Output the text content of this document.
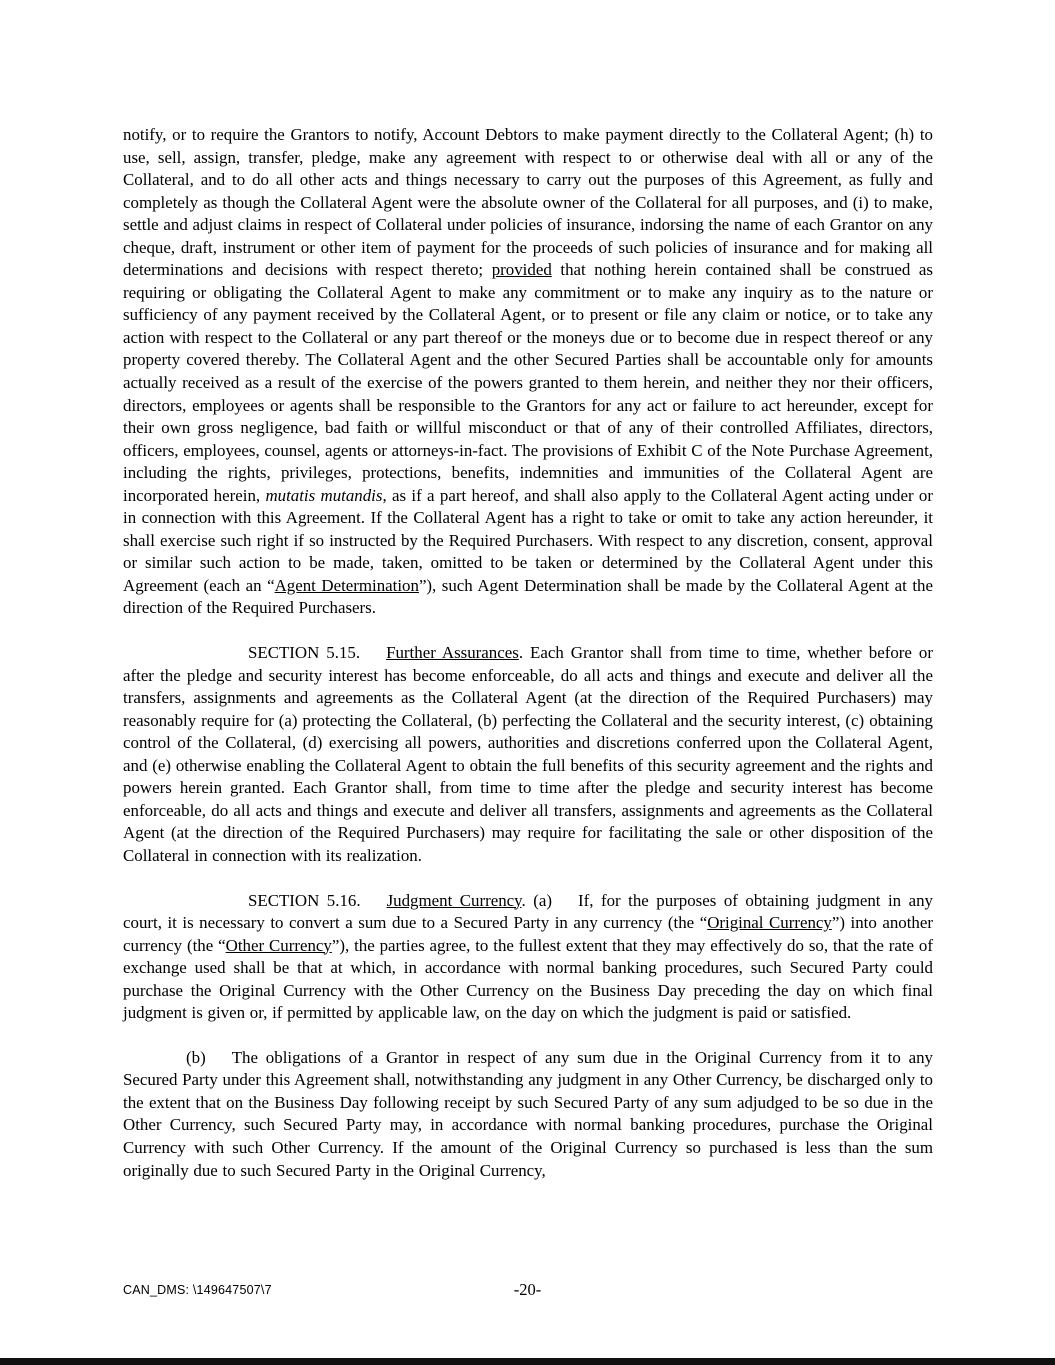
notify, or to require the Grantors to notify, Account Debtors to make payment directly to the Collateral Agent; (h) to use, sell, assign, transfer, pledge, make any agreement with respect to or otherwise deal with all or any of the Collateral, and to do all other acts and things necessary to carry out the purposes of this Agreement, as fully and completely as though the Collateral Agent were the absolute owner of the Collateral for all purposes, and (i) to make, settle and adjust claims in respect of Collateral under policies of insurance, indorsing the name of each Grantor on any cheque, draft, instrument or other item of payment for the proceeds of such policies of insurance and for making all determinations and decisions with respect thereto; provided that nothing herein contained shall be construed as requiring or obligating the Collateral Agent to make any commitment or to make any inquiry as to the nature or sufficiency of any payment received by the Collateral Agent, or to present or file any claim or notice, or to take any action with respect to the Collateral or any part thereof or the moneys due or to become due in respect thereof or any property covered thereby. The Collateral Agent and the other Secured Parties shall be accountable only for amounts actually received as a result of the exercise of the powers granted to them herein, and neither they nor their officers, directors, employees or agents shall be responsible to the Grantors for any act or failure to act hereunder, except for their own gross negligence, bad faith or willful misconduct or that of any of their controlled Affiliates, directors, officers, employees, counsel, agents or attorneys-in-fact. The provisions of Exhibit C of the Note Purchase Agreement, including the rights, privileges, protections, benefits, indemnities and immunities of the Collateral Agent are incorporated herein, mutatis mutandis, as if a part hereof, and shall also apply to the Collateral Agent acting under or in connection with this Agreement. If the Collateral Agent has a right to take or omit to take any action hereunder, it shall exercise such right if so instructed by the Required Purchasers. With respect to any discretion, consent, approval or similar such action to be made, taken, omitted to be taken or determined by the Collateral Agent under this Agreement (each an “Agent Determination”), such Agent Determination shall be made by the Collateral Agent at the direction of the Required Purchasers.

SECTION 5.15. Further Assurances. Each Grantor shall from time to time, whether before or after the pledge and security interest has become enforceable, do all acts and things and execute and deliver all the transfers, assignments and agreements as the Collateral Agent (at the direction of the Required Purchasers) may reasonably require for (a) protecting the Collateral, (b) perfecting the Collateral and the security interest, (c) obtaining control of the Collateral, (d) exercising all powers, authorities and discretions conferred upon the Collateral Agent, and (e) otherwise enabling the Collateral Agent to obtain the full benefits of this security agreement and the rights and powers herein granted. Each Grantor shall, from time to time after the pledge and security interest has become enforceable, do all acts and things and execute and deliver all transfers, assignments and agreements as the Collateral Agent (at the direction of the Required Purchasers) may require for facilitating the sale or other disposition of the Collateral in connection with its realization.

SECTION 5.16. Judgment Currency. (a) If, for the purposes of obtaining judgment in any court, it is necessary to convert a sum due to a Secured Party in any currency (the “Original Currency”) into another currency (the “Other Currency”), the parties agree, to the fullest extent that they may effectively do so, that the rate of exchange used shall be that at which, in accordance with normal banking procedures, such Secured Party could purchase the Original Currency with the Other Currency on the Business Day preceding the day on which final judgment is given or, if permitted by applicable law, on the day on which the judgment is paid or satisfied.

(b) The obligations of a Grantor in respect of any sum due in the Original Currency from it to any Secured Party under this Agreement shall, notwithstanding any judgment in any Other Currency, be discharged only to the extent that on the Business Day following receipt by such Secured Party of any sum adjudged to be so due in the Other Currency, such Secured Party may, in accordance with normal banking procedures, purchase the Original Currency with such Other Currency. If the amount of the Original Currency so purchased is less than the sum originally due to such Secured Party in the Original Currency,

CAN_DMS: \149647507\7	-20-
